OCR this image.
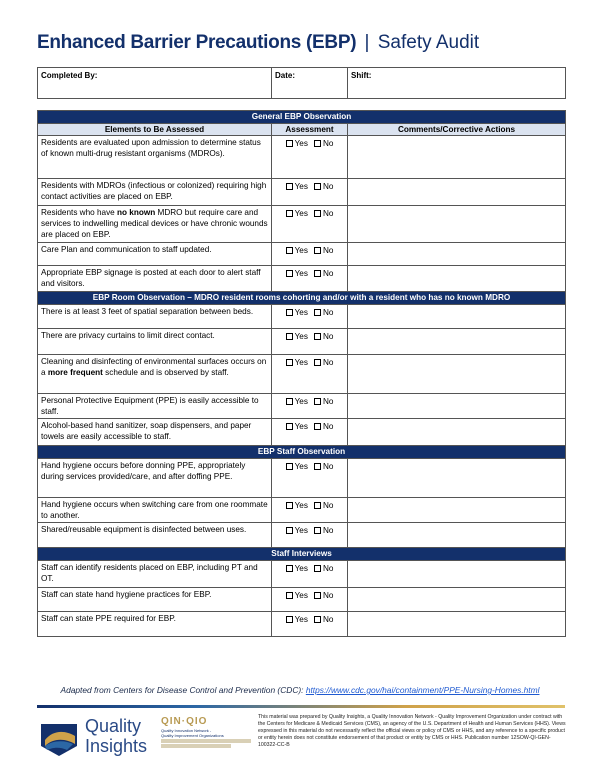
Enhanced Barrier Precautions (EBP) | Safety Audit
Completed By:	Date:	Shift:
General EBP Observation		
Elements to Be Assessed	Assessment	Comments/Corrective Actions
Residents are evaluated upon admission to determine status of known multi-drug resistant organisms (MDROs).	Yes No	
Residents with MDROs (infectious or colonized) requiring high contact activities are placed on EBP.	Yes No	
Residents who have no known MDRO but require care and services to indwelling medical devices or have chronic wounds are placed on EBP.	Yes No	
Care Plan and communication to staff updated.	Yes No	
Appropriate EBP signage is posted at each door to alert staff and visitors.	Yes No	
EBP Room Observation – MDRO resident rooms cohorting and/or with a resident who has no known MDRO		
There is at least 3 feet of spatial separation between beds.	Yes No	
There are privacy curtains to limit direct contact.	Yes No	
Cleaning and disinfecting of environmental surfaces occurs on a more frequent schedule and is observed by staff.	Yes No	
Personal Protective Equipment (PPE) is easily accessible to staff.	Yes No	
Alcohol-based hand sanitizer, soap dispensers, and paper towels are easily accessible to staff.	Yes No	
EBP Staff Observation		
Hand hygiene occurs before donning PPE, appropriately during services provided/care, and after doffing PPE.	Yes No	
Hand hygiene occurs when switching care from one roommate to another.	Yes No	
Shared/reusable equipment is disinfected between uses.	Yes No	
Staff Interviews		
Staff can identify residents placed on EBP, including PT and OT.	Yes No	
Staff can state hand hygiene practices for EBP.	Yes No	
Staff can state PPE required for EBP.	Yes No	
Adapted from Centers for Disease Control and Prevention (CDC): https://www.cdc.gov/hai/containment/PPE-Nursing-Homes.html
Quality
Insights
QIN·QIO
Quality Innovation Network -
Quality Improvement Organizations
This material was prepared by Quality Insights, a Quality Innovation Network - Quality Improvement Organization under contract with the Centers for Medicare & Medicaid Services (CMS), an agency of the U.S. Department of Health and Human Services (HHS). Views expressed in this material do not necessarily reflect the official views or policy of CMS or HHS, and any reference to a specific product or entity herein does not constitute endorsement of that product or entity by CMS or HHS. Publication number 12SOW-QI-GEN-100322-CC-B
